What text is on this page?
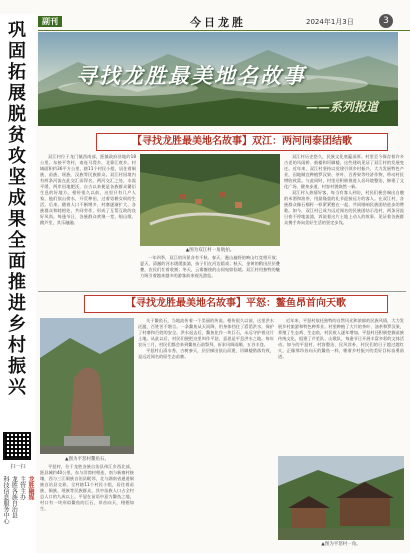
巩固拓展脱贫攻坚成果全面推进乡村振兴
扫一扫
龙胜融媒
主管主办
龙胜各族自治县
科技信息服务中心
副刊	今日龙胜	2024年1月3日	3
寻找龙胜最美地名故事
——系列报道
【寻找龙胜最美地名故事】双江：两河同泰团结歌

双江村位于龙门镇西南部，距镇政府驻地约18公里。东接平等村，南连马堤乡，北靠江底乡。村域面积约36平方公里，辖11个村民小组，居住着侗族、苗族、瑶族、汉族等民族群众。双江村因境内有两条河流在此交汇而得名，两河交汇之处，水流平缓，两岸田地肥沃，自古以来便是各族群众繁衍生息的好地方。相传很久以前，这里只有几户人家，他们依山傍水，开荒种田，过着男耕女织的生活。后来，随着人口不断增多，村寨逐渐扩大，各族群众和睦相处，共同劳作，形成了互帮互助的良好风尚。每逢节日，各族群众欢聚一堂，唱山歌、跳芦笙，其乐融融。

▲图为双江村一角航拍。

一年四季，双江的风景各有千秋。春天，漫山遍野的映山红竞相开放；夏天，清澈的河水缓缓流淌，孩子们在河边嬉戏；秋天，金黄的稻田层层叠叠，农民们忙着收割；冬天，云雾缭绕的山间宛如仙境。双江村用独特的魅力吸引着越来越多的游客前来观光游览。

双江村历史悠久，民族文化底蕴深厚。村里至今保存着许多古老的风雨桥、鼓楼和吊脚楼，这些建筑见证了双江村的发展变迁。近年来，双江村坚持以党建引领乡村振兴，大力发展特色产业，因地制宜种植罗汉果、茶叶、百香果等经济作物，带动村民增收致富。与此同时，村里还积极推进人居环境整治，修建了文化广场、健身步道，村容村貌焕然一新。

双江村人热情好客，每当有客人到访，村民们便会端出自酿的米酒和油茶，用最隆重的礼节迎接远方的客人。在双江村，各族群众像石榴籽一样紧紧抱在一起，共同唱响民族团结进步的赞歌。如今，双江村已成为远近闻名的民族团结示范村，两条河流日夜不停地流淌，诉说着这片土地上动人的故事，见证着各族群众携手奔向美好生活的坚定步伐。

【寻找龙胜最美地名故事】平怒：鳌鱼昂首向天歌
▲图为平怒村鳌鱼石。

平怒村，位于龙胜各族自治县伟江乡西北部，距县城约40公里，东与洋湾村相连，南与新寨村接壤，西与三江侗族自治县毗邻，北与湖南省通道侗族自治县交界。全村辖11个村民小组，居住着苗族、侗族、瑶族等民族群众，其中苗族人口占全村总人口的九成以上。平怒在苗语中意为鳌鱼之地，村口有一块形似鳌鱼的巨石，昂首向天，栩栩如生。

关于鳌鱼石，当地流传着一个美丽的传说。相传很久以前，这里洪水泛滥，百姓苦不堪言。一条鳌鱼从天而降，用身体挡住了滔滔洪水，保护了村寨和百姓的安全。洪水退去后，鳌鱼化作一块巨石，永远守护着这片土地。从此以后，村民们便把这里叫作平怒，意思是平息洪水之地。每年农历三月，村民们都会来到鳌鱼石前祭拜，祈求风调雨顺、五谷丰登。

平怒村山清水秀，古树参天，层层梯田依山而建，吊脚楼错落有致，是远近闻名的原生态苗寨。

近年来，平怒村依托独特的自然风光和浓郁的民族风情，大力发展乡村旅游和特色种养业。村里种植了大片的茶叶、油茶和罗汉果，养殖了生态鸡、生态鱼，村民收入逐年增加。平怒村还积极挖掘苗族传统文化，组建了芦笙队、山歌队，每逢节日开展丰富多彩的文体活动。如今的平怒村，村容整洁、民风淳朴，村民们的日子越过越红火，正像那昂首向天的鳌鱼一样，朝着乡村振兴的美好目标奋勇前进。

▲图为平怒村一角。
